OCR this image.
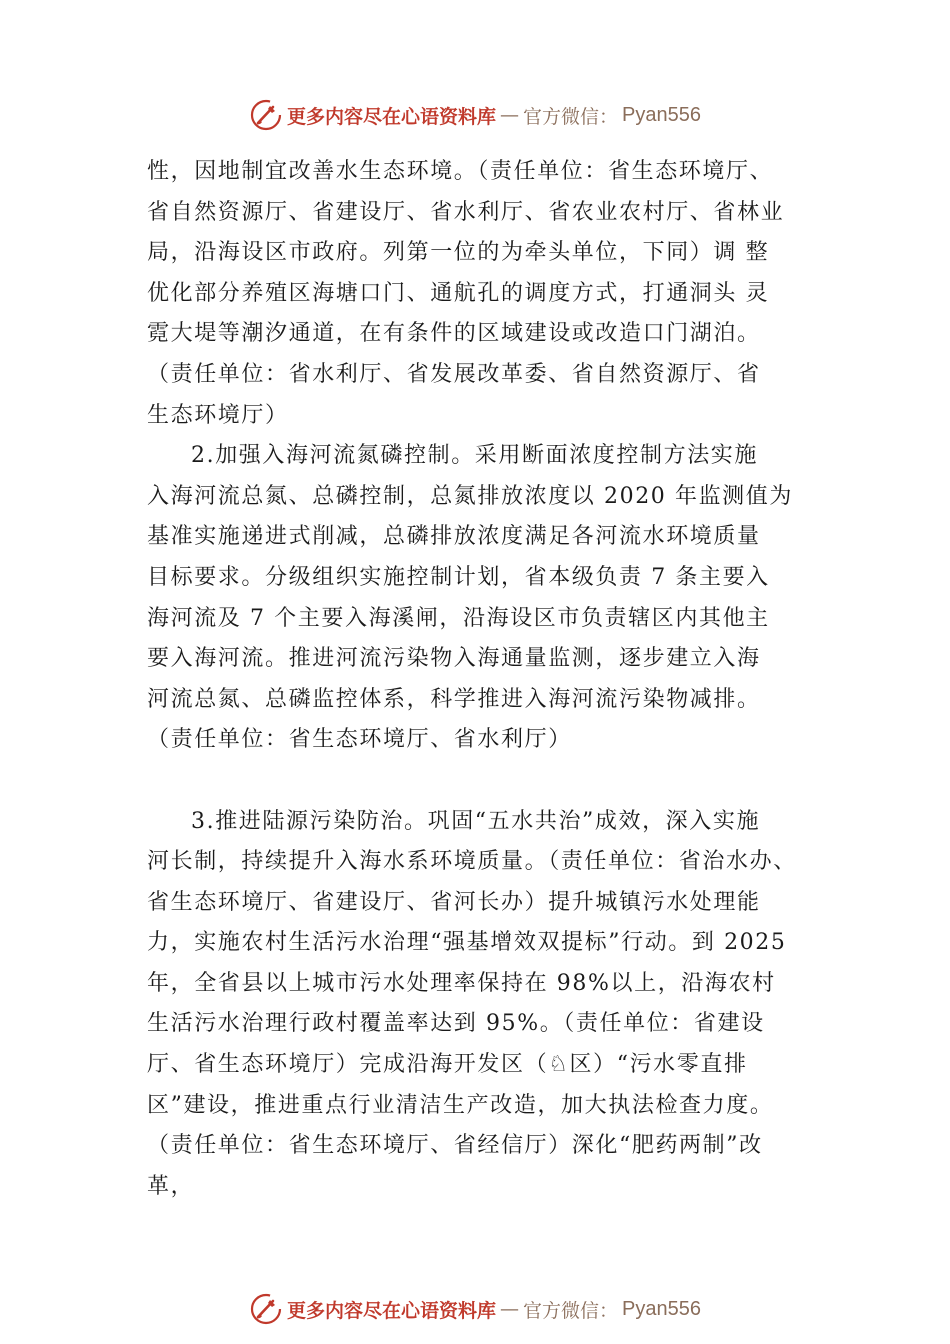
更多内容尽在心语资料库 — 官方微信： Pyan556
性，因地制宜改善水生态环境。（责任单位：省生态环境厅、
省自然资源厅、省建设厅、省水利厅、省农业农村厅、省林业
局，沿海设区市政府。列第一位的为牵头单位，下同）调 整
优化部分养殖区海塘口门、通航孔的调度方式，打通洞头 灵
霓大堤等潮汐通道，在有条件的区域建设或改造口门湖泊。
（责任单位：省水利厅、省发展改革委、省自然资源厅、省
生态环境厅）
2.加强入海河流氮磷控制。采用断面浓度控制方法实施
入海河流总氮、总磷控制，总氮排放浓度以 2020 年监测值为
基准实施递进式削减，总磷排放浓度满足各河流水环境质量
目标要求。分级组织实施控制计划，省本级负责 7 条主要入
海河流及 7 个主要入海溪闸，沿海设区市负责辖区内其他主
要入海河流。推进河流污染物入海通量监测，逐步建立入海
河流总氮、总磷监控体系，科学推进入海河流污染物减排。
（责任单位：省生态环境厅、省水利厅）
3.推进陆源污染防治。巩固“五水共治”成效，深入实施
河长制，持续提升入海水系环境质量。（责任单位：省治水办、
省生态环境厅、省建设厅、省河长办）提升城镇污水处理能
力，实施农村生活污水治理“强基增效双提标”行动。到 2025
年，全省县以上城市污水处理率保持在 98%以上，沿海农村
生活污水治理行政村覆盖率达到 95%。（责任单位：省建设
厅、省生态环境厅）完成沿海开发区（♘区）“污水零直排
区”建设，推进重点行业清洁生产改造，加大执法检查力度。
（责任单位：省生态环境厅、省经信厅）深化“肥药两制”改
革，
更多内容尽在心语资料库 — 官方微信： Pyan556
